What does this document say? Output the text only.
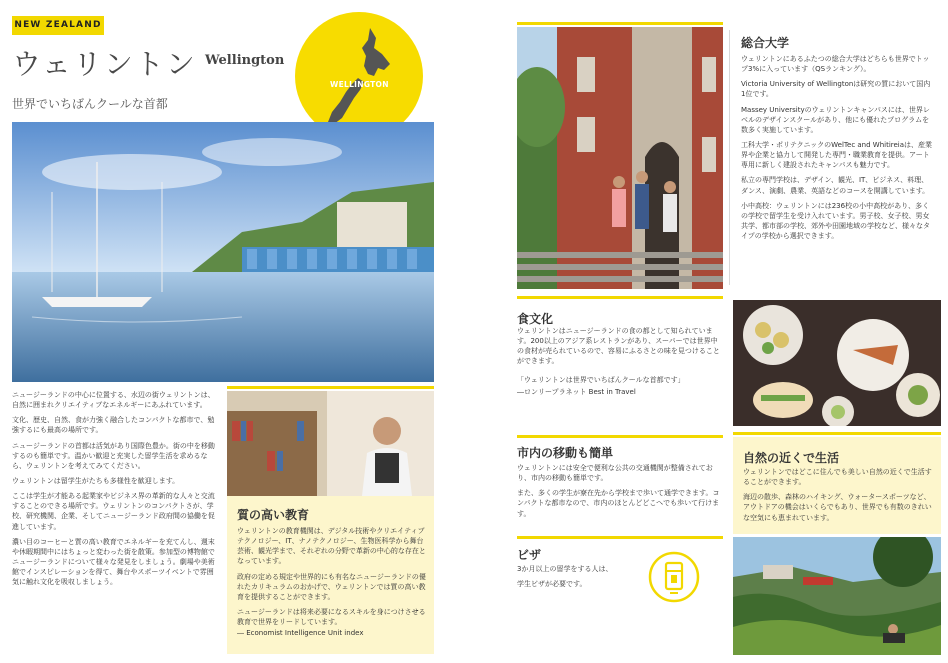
NEW ZEALAND
ウェリントン Wellington
世界でいちばんクールな首都
WELLINGTON

ニュージーランドの中心に位置する、水辺の街ウェリントンは、自然に囲まれクリエイティブなエネルギーにあふれています。

文化、歴史、自然、食が力強く融合したコンパクトな都市で、勉強するにも最高の場所です。

ニュージーランドの首都は活気があり国際色豊か。街の中を移動するのも簡単です。温かい歓迎と充実した留学生活を求めるなら、ウェリントンを考えてみてください。

ウェリントンは留学生がたちも多様性を歓迎します。

ここは学生が才能ある起業家やビジネス界の革新的な人々と交流することのできる場所です。ウェリントンのコンパクトさが、学校、研究機関、企業、そしてニュージーランド政府間の協働を促進しています。

濃い目のコーヒーと質の高い教育でエネルギーを充てんし、週末や休暇期間中にはちょっと変わった街を散策。参加型の博物館でニュージーランドについて様々な発見をしましょう。劇場や美術館でインスピレーションを得て、舞台やスポーツイベントで雰囲気に触れ文化を吸収しましょう。

質の高い教育

ウェリントンの教育機関は、デジタル技術やクリエイティブテクノロジー、IT、ナノテクノロジー、生物医科学から舞台芸術、観光学まで、それぞれの分野で革新の中心的な存在となっています。

政府の定める規定や世界的にも有名なニュージーランドの優れたカリキュラムのおかげで、ウェリントンでは質の高い教育を提供することができます。

ニュージーランドは将来必要になるスキルを身につけさせる教育で世界をリードしています。

― Economist Intelligence Unit index

総合大学

ウェリントンにあるふたつの総合大学はどちらも世界でトップ3%に入っています（QSランキング）。

Victoria University of Wellingtonは研究の質において国内1位です。

Massey Universityのウェリントンキャンパスには、世界レベルのデザインスクールがあり、他にも優れたプログラムを数多く実施しています。

工科大学・ポリテクニックのWelTec and Whitireiaは、産業界や企業と協力して開発した専門・職業教育を提供。アート専用に新しく建設されたキャンパスも魅力です。

私立の専門学校は、デザイン、観光、IT、ビジネス、料理、ダンス、演劇、農業、英語などのコースを開講しています。

小中高校：ウェリントンには236校の小中高校があり、多くの学校で留学生を受け入れています。男子校、女子校、男女共学、都市部の学校、郊外や田園地域の学校など、様々なタイプの学校から選択できます。

食文化

ウェリントンはニュージーランドの食の都として知られています。200以上のアジア系レストランがあり、スーパーでは世界中の食材が売られているので、容易にふるさとの味を見つけることができます。

「ウェリントンは世界でいちばんクールな首都です」

―ロンリープラネット Best in Travel

市内の移動も簡単

ウェリントンには安全で便利な公共の交通機関が整備されており、市内の移動も簡単です。

また、多くの学生が寮在先から学校まで歩いて通学できます。コンパクトな都市なので、市内のほとんどどこへでも歩いて行けます。

ビザ

3か月以上の留学をする人は、

学生ビザが必要です。

自然の近くで生活

ウェリントンではどこに住んでも美しい自然の近くで生活することができます。

海辺の散歩、森林のハイキング、ウォータースポーツなど、アウトドアの機会はいくらでもあり、世界でも有数のきれいな空気にも恵まれています。
